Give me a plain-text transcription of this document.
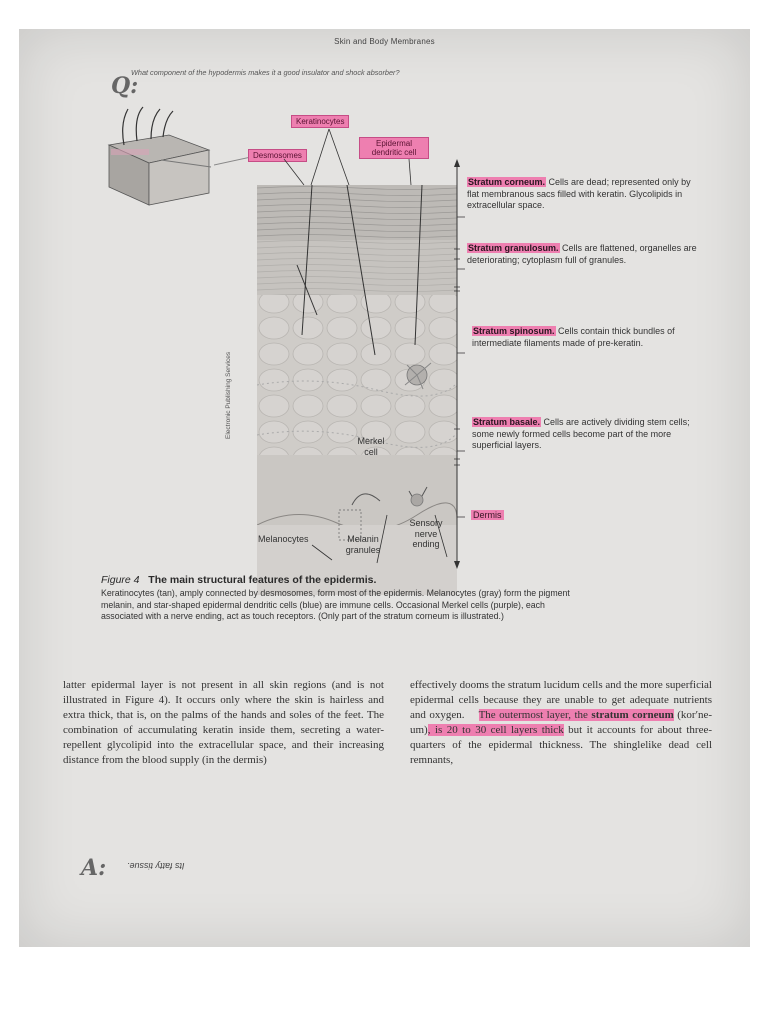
Skin and Body Membranes
Q:
What component of the hypodermis makes it a good insulator and shock absorber?
Keratinocytes
Desmosomes
Epidermal dendritic cell
Stratum corneum. Cells are dead; represented only by flat membranous sacs filled with keratin. Glycolipids in extracellular space.
Stratum granulosum. Cells are flattened, organelles are deteriorating; cytoplasm full of granules.
Stratum spinosum. Cells contain thick bundles of intermediate filaments made of pre-keratin.
Stratum basale. Cells are actively dividing stem cells; some newly formed cells become part of the more superficial layers.
Dermis
Merkel cell
Melanocytes	Melanin granules
Sensory nerve ending
Electronic Publishing Services
Figure 4 The main structural features of the epidermis.
Keratinocytes (tan), amply connected by desmosomes, form most of the epidermis. Melanocytes (gray) form the pigment melanin, and star-shaped epidermal dendritic cells (blue) are immune cells. Occasional Merkel cells (purple), each associated with a nerve ending, act as touch receptors. (Only part of the stratum corneum is illustrated.)
latter epidermal layer is not present in all skin regions (and is not illustrated in Figure 4). It occurs only where the skin is hairless and extra thick, that is, on the palms of the hands and soles of the feet. The combination of accumulating keratin inside them, secreting a water-repellent glycolipid into the extracellular space, and their increasing distance from the blood supply (in the dermis)
effectively dooms the stratum lucidum cells and the more superficial epidermal cells because they are unable to get adequate nutrients and oxygen. The outermost layer, the stratum corneum (kor′ne-um), is 20 to 30 cell layers thick but it accounts for about three-quarters of the epidermal thickness. The shinglelike dead cell remnants,
A: Its fatty tissue.
